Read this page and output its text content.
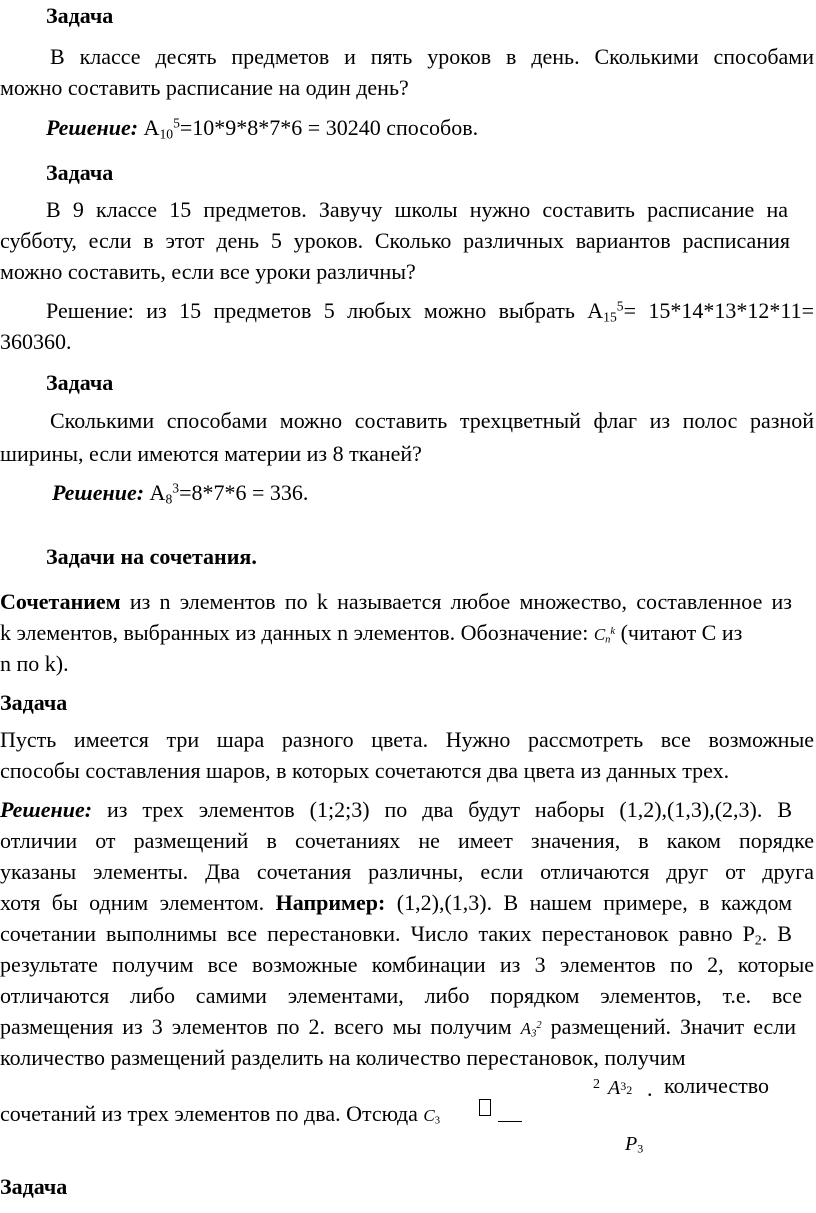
Задача
В классе десять предметов и пять уроков в день. Сколькими способами
можно составить расписание на один день?
Решение: $A_{10}^5=10*9*8*7*6 = 30240$ способов.
Задача
В 9 классе 15 предметов. Завучу школы нужно составить расписание на
субботу, если в этот день 5 уроков. Сколько различных вариантов расписания
можно составить, если все уроки различны?
Решение: из 15 предметов 5 любых можно выбрать $A_{15}^5= 15*14*13*12*11=$
360360.
Задача
Сколькими способами можно составить трехцветный флаг из полос разной
ширины, если имеются материи из 8 тканей?
Решение: $A_8^3=8*7*6 = 336$.
Задачи на сочетания.
Сочетанием из n элементов по k называется любое множество, составленное из
k элементов, выбранных из данных n элементов. Обозначение: $C_n^k$ (читают C из
n по k).
Задача
Пусть имеется три шара разного цвета. Нужно рассмотреть все возможные
способы составления шаров, в которых сочетаются два цвета из данных трех.
Решение: из трех элементов (1;2;3) по два будут наборы (1,2),(1,3),(2,3). В
отличии от размещений в сочетаниях не имеет значения, в каком порядке
указаны элементы. Два сочетания различны, если отличаются друг от друга
хотя бы одним элементом. Например: (1,2),(1,3). В нашем примере, в каждом
сочетании выполнимы все перестановки. Число таких перестановок равно $P_2$. В
результате получим все возможные комбинации из 3 элементов по 2, которые
отличаются либо самими элементами, либо порядком элементов, т.е. все
размещения из 3 элементов по 2. всего мы получим $A_3^2$ размещений. Значит если
количество размещений разделить на количество перестановок, получим
2 $A^32$ . количество
сочетаний из трех элементов по два. Отсюда $C_3$
P3
Задача
